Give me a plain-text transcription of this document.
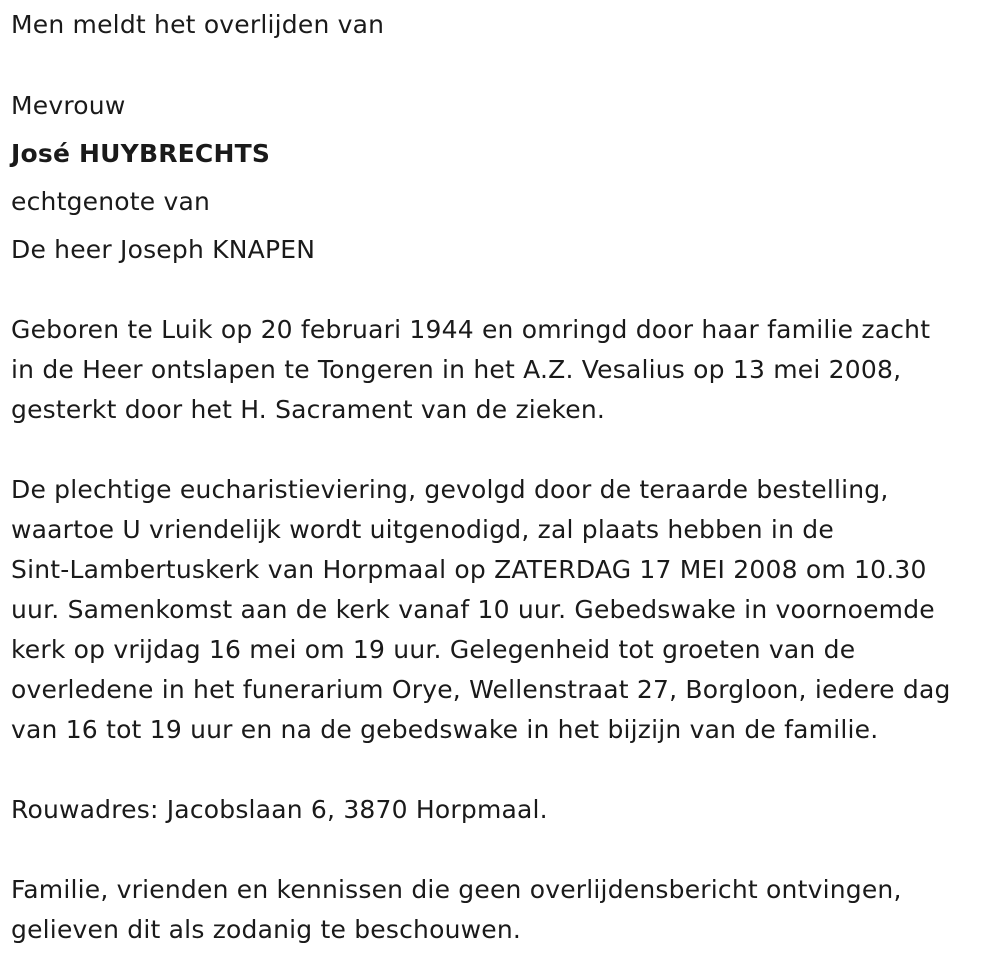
Men meldt het overlijden van
Mevrouw
José HUYBRECHTS
echtgenote van
De heer Joseph KNAPEN
Geboren te Luik op 20 februari 1944 en omringd door haar familie zacht
in de Heer ontslapen te Tongeren in het A.Z. Vesalius op 13 mei 2008,
gesterkt door het H. Sacrament van de zieken.
De plechtige eucharistieviering, gevolgd door de teraarde bestelling,
waartoe U vriendelijk wordt uitgenodigd, zal plaats hebben in de
Sint-Lambertuskerk van Horpmaal op ZATERDAG 17 MEI 2008 om 10.30
uur. Samenkomst aan de kerk vanaf 10 uur. Gebedswake in voornoemde
kerk op vrijdag 16 mei om 19 uur. Gelegenheid tot groeten van de
overledene in het funerarium Orye, Wellenstraat 27, Borgloon, iedere dag
van 16 tot 19 uur en na de gebedswake in het bijzijn van de familie.
Rouwadres: Jacobslaan 6, 3870 Horpmaal.
Familie, vrienden en kennissen die geen overlijdensbericht ontvingen,
gelieven dit als zodanig te beschouwen.
